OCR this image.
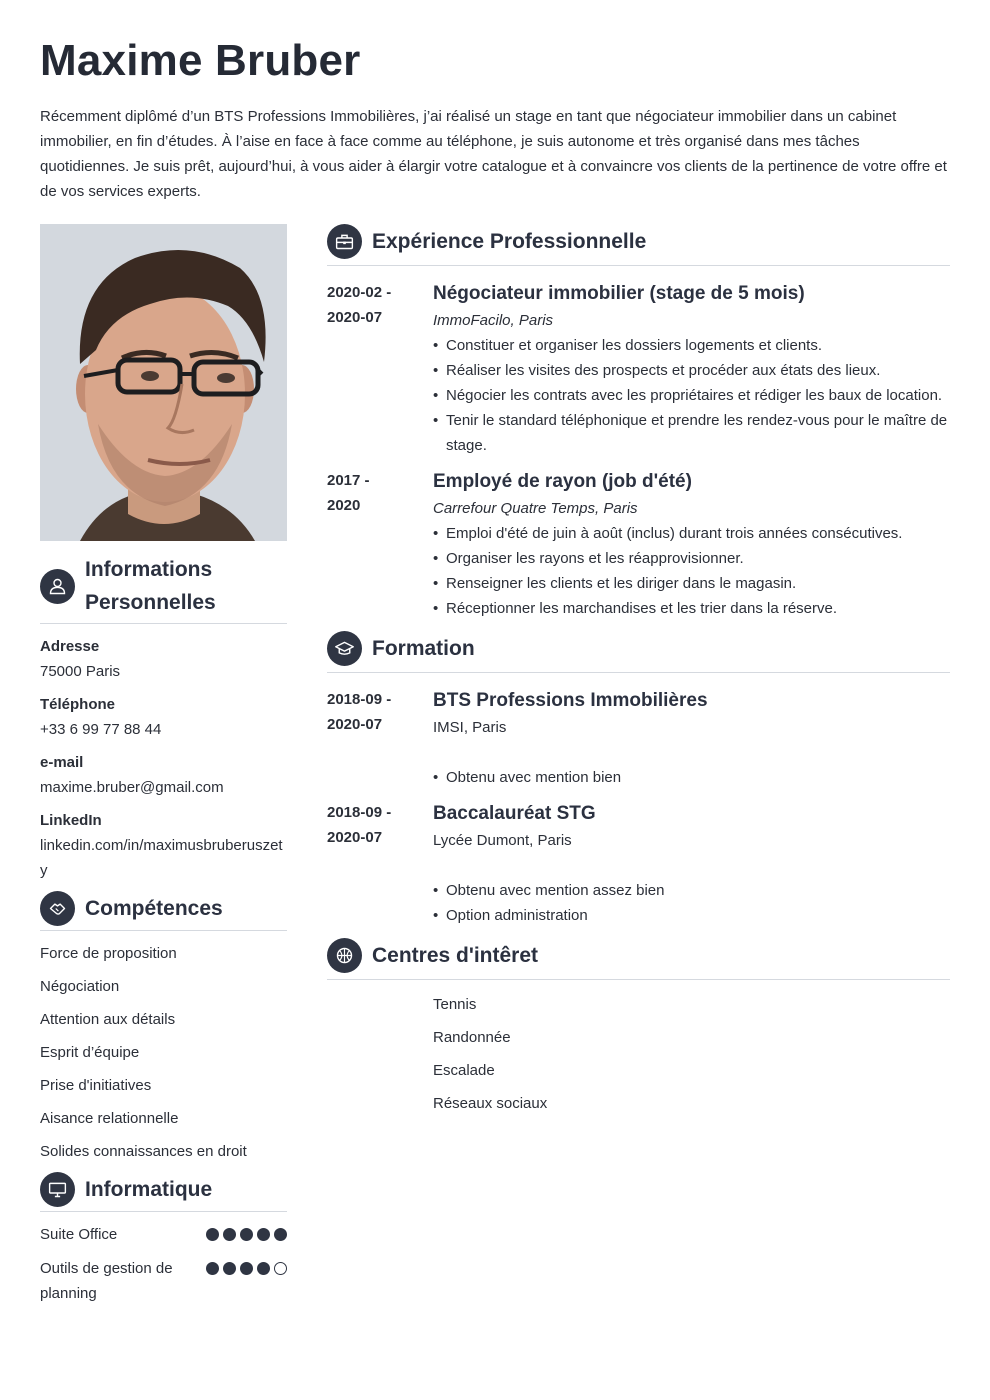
Maxime Bruber

Récemment diplômé d’un BTS Professions Immobilières, j’ai réalisé un stage en tant que négociateur immobilier dans un cabinet immobilier, en fin d’études. À l’aise en face à face comme au téléphone, je suis autonome et très organisé dans mes tâches quotidiennes. Je suis prêt, aujourd’hui, à vous aider à élargir votre catalogue et à convaincre vos clients de la pertinence de votre offre et de vos services experts.

Informations Personnelles
Adresse
75000 Paris
Téléphone
+33 6 99 77 88 44
e-mail
maxime.bruber@gmail.com
LinkedIn
linkedin.com/in/maximusbruberuszety
Compétences
Force de proposition
Négociation
Attention aux détails
Esprit d’équipe
Prise d'initiatives
Aisance relationnelle
Solides connaissances en droit
Informatique
Suite Office
Outils de gestion de planning
Expérience Professionnelle
2020-02 -
2020-07
Négociateur immobilier (stage de 5 mois)
ImmoFacilo, Paris
• Constituer et organiser les dossiers logements et clients.
• Réaliser les visites des prospects et procéder aux états des lieux.
• Négocier les contrats avec les propriétaires et rédiger les baux de location.
• Tenir le standard téléphonique et prendre les rendez-vous pour le maître de stage.
2017 -
2020
Employé de rayon (job d'été)
Carrefour Quatre Temps, Paris
• Emploi d'été de juin à août (inclus) durant trois années consécutives.
• Organiser les rayons et les réapprovisionner.
• Renseigner les clients et les diriger dans le magasin.
• Réceptionner les marchandises et les trier dans la réserve.
Formation
2018-09 -
2020-07
BTS Professions Immobilières
IMSI, Paris
• Obtenu avec mention bien
2018-09 -
2020-07
Baccalauréat STG
Lycée Dumont, Paris
• Obtenu avec mention assez bien
• Option administration
Centres d'intêret
Tennis
Randonnée
Escalade
Réseaux sociaux
